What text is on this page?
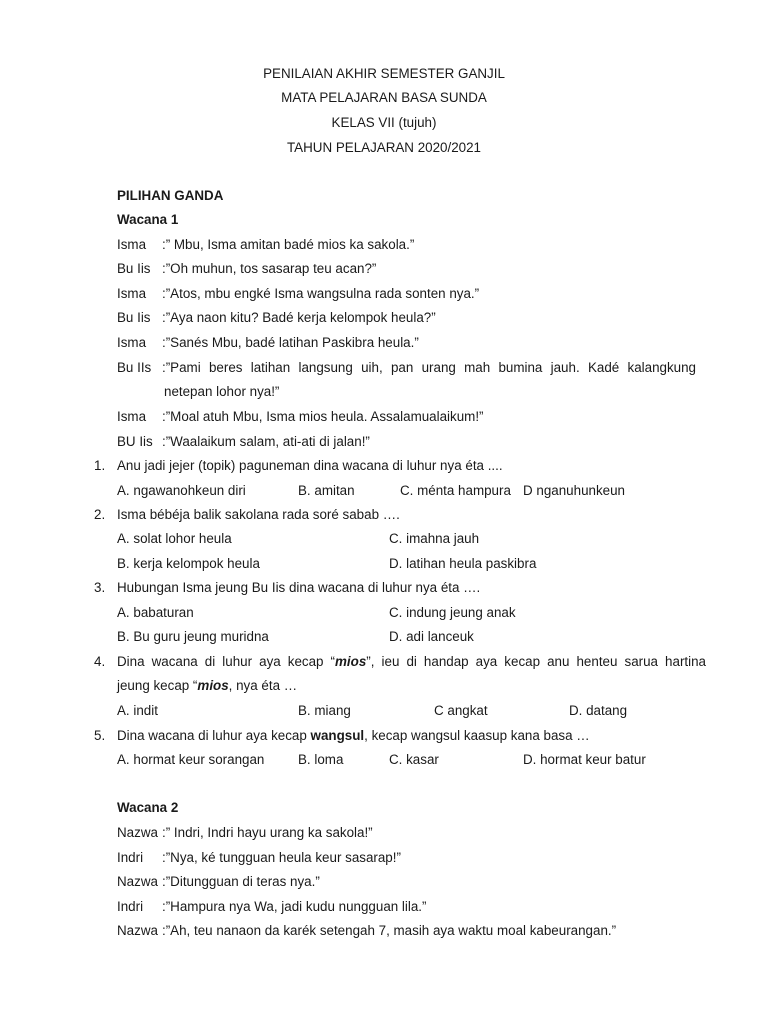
PENILAIAN AKHIR SEMESTER GANJIL
MATA PELAJARAN BASA SUNDA
KELAS VII (tujuh)
TAHUN PELAJARAN 2020/2021
PILIHAN GANDA
Wacana 1
Isma :” Mbu, Isma amitan badé mios ka sakola.”
Bu Iis :”Oh muhun, tos sasarap teu acan?”
Isma :”Atos, mbu engké Isma wangsulna rada sonten nya.”
Bu Iis :”Aya naon kitu? Badé kerja kelompok heula?”
Isma :”Sanés Mbu, badé latihan Paskibra heula.”
Bu IIs :”Pami beres latihan langsung uih, pan urang mah bumina jauh. Kadé kalangkung
netepan lohor nya!”
Isma :”Moal atuh Mbu, Isma mios heula. Assalamualaikum!”
BU Iis :”Waalaikum salam, ati-ati di jalan!”
1. Anu jadi jejer (topik) paguneman dina wacana di luhur nya éta ....
A. ngawanohkeun diri	B. amitan	C. ménta hampura D nganuhunkeun
2. Isma bébéja balik sakolana rada soré sabab ….
A. solat lohor heula	C. imahna jauh
B. kerja kelompok heula	D. latihan heula paskibra
3. Hubungan Isma jeung Bu Iis dina wacana di luhur nya éta ….
A. babaturan	C. indung jeung anak
B. Bu guru jeung muridna	D. adi lanceuk
4. Dina wacana di luhur aya kecap “mios”, ieu di handap aya kecap anu henteu sarua hartina
jeung kecap “mios, nya éta …
A. indit	B. miang	C angkat	D. datang
5. Dina wacana di luhur aya kecap wangsul, kecap wangsul kaasup kana basa …
A. hormat keur sorangan	B. loma	C. kasar	D. hormat keur batur
Wacana 2
Nazwa :” Indri, Indri hayu urang ka sakola!”
Indri :”Nya, ké tungguan heula keur sasarap!”
Nazwa :”Ditungguan di teras nya.”
Indri :”Hampura nya Wa, jadi kudu nungguan lila.”
Nazwa :”Ah, teu nanaon da karék setengah 7, masih aya waktu moal kabeurangan.”
